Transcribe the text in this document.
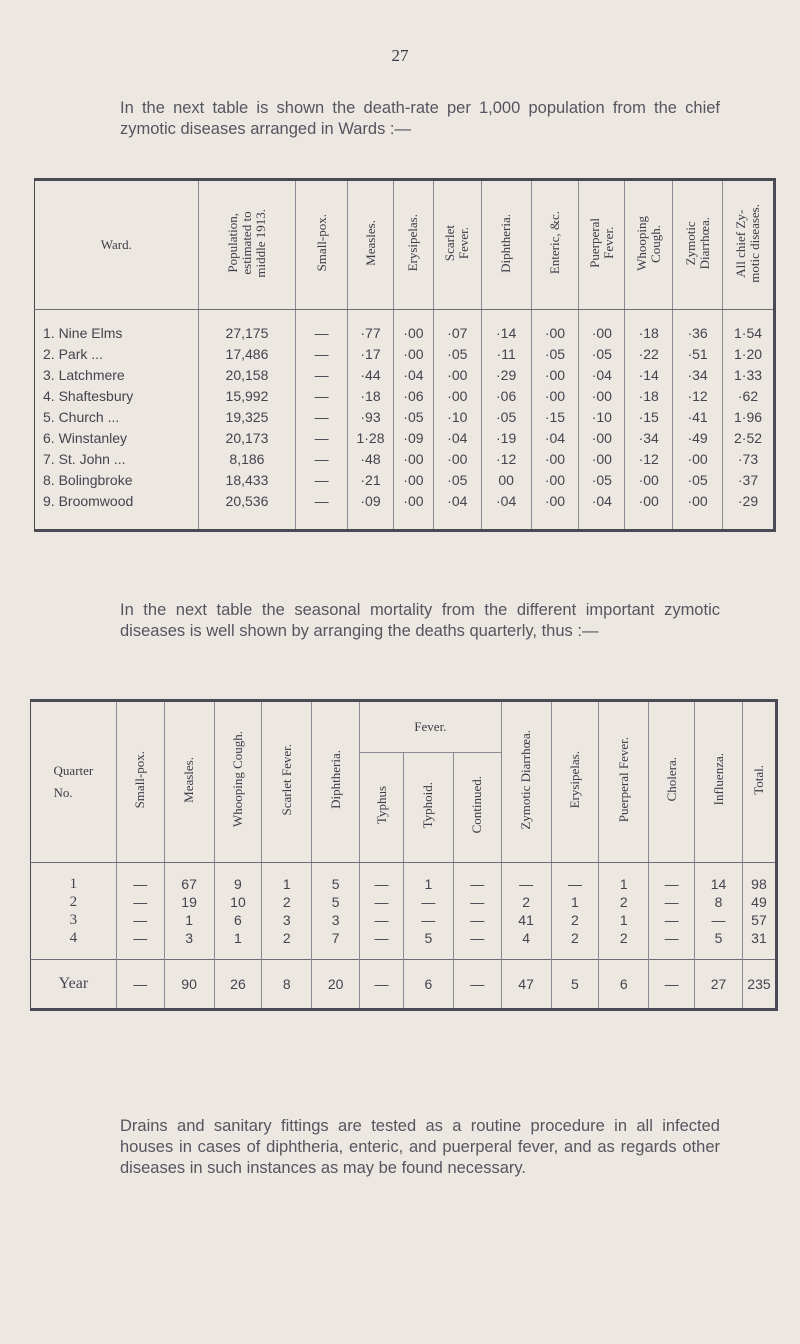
27

In the next table is shown the death-rate per 1,000 population from the chief zymotic diseases arranged in Wards :—

Ward.	Population,
estimated to
middle 1913.	Small-pox.	Measles.	Erysipelas.	Scarlet
Fever.	Diphtheria.	Enteric, &c.	Puerperal
Fever.	Whooping
Cough.	Zymotic
Diarrhœa.	All chief Zy-
motic diseases.
1. Nine Elms	27,175	—	·77	·00	·07	·14	·00	·00	·18	·36	1·54
2. Park ...	17,486	—	·17	·00	·05	·11	·05	·05	·22	·51	1·20
3. Latchmere	20,158	—	·44	·04	·00	·29	·00	·04	·14	·34	1·33
4. Shaftesbury	15,992	—	·18	·06	·00	·06	·00	·00	·18	·12	·62
5. Church ...	19,325	—	·93	·05	·10	·05	·15	·10	·15	·41	1·96
6. Winstanley	20,173	—	1·28	·09	·04	·19	·04	·00	·34	·49	2·52
7. St. John ...	8,186	—	·48	·00	·00	·12	·00	·00	·12	·00	·73
8. Bolingbroke	18,433	—	·21	·00	·05	00	·00	·05	·00	·05	·37
9. Broomwood	20,536	—	·09	·00	·04	·04	·00	·04	·00	·00	·29

In the next table the seasonal mortality from the different important zymotic diseases is well shown by arranging the deaths quarterly, thus :—

Quarter
No.	Small-pox.	Measles.	Whooping Cough.	Scarlet Fever.	Diphtheria.	Fever.			Zymotic Diarrhœa.	Erysipelas.	Puerperal Fever.	Cholera.	Influenza.	Total.
						Typhus	Typhoid.	Continued.						
1	—	67	9	1	5	—	1	—	—	—	1	—	14	98
2	—	19	10	2	5	—	—	—	2	1	2	—	8	49
3	—	1	6	3	3	—	—	—	41	2	1	—	—	57
4	—	3	1	2	7	—	5	—	4	2	2	—	5	31
Year	—	90	26	8	20	—	6	—	47	5	6	—	27	235

Drains and sanitary fittings are tested as a routine procedure in all infected houses in cases of diphtheria, enteric, and puerperal fever, and as regards other diseases in such instances as may be found necessary.
